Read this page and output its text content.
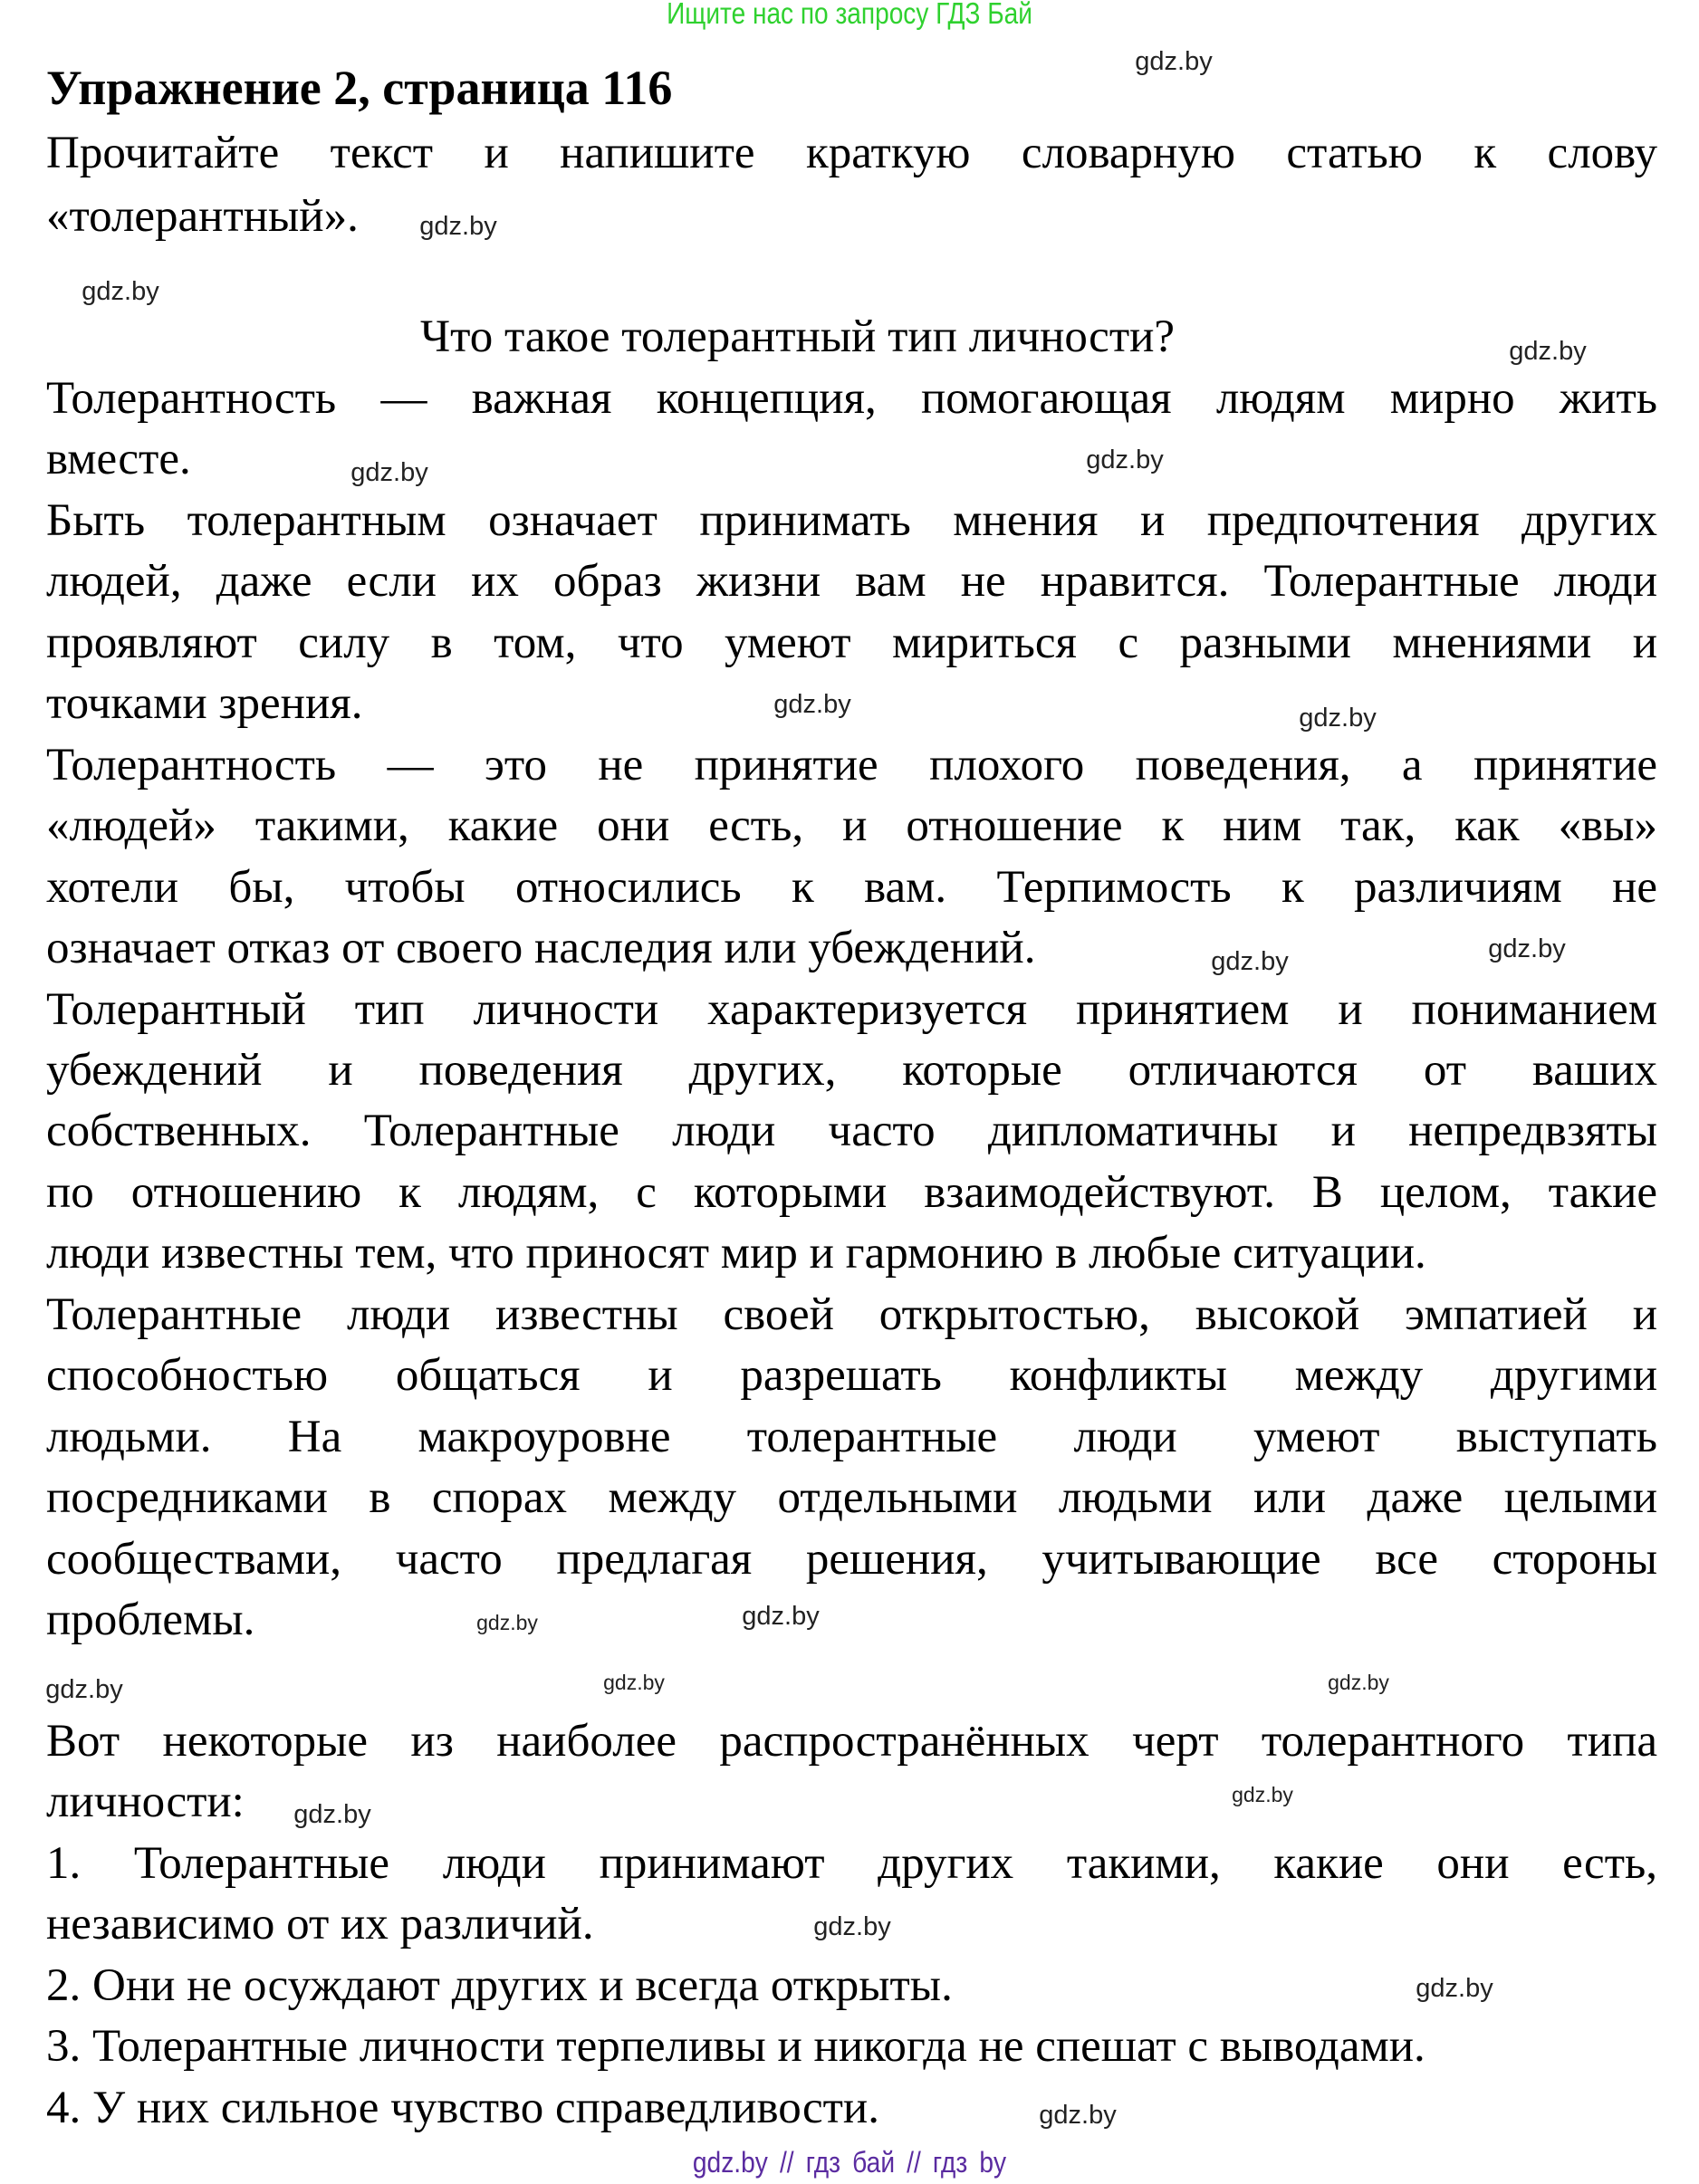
Ищите нас по запросу ГДЗ Бай
Упражнение 2, страница 116
Прочитайте текст и напишите краткую словарную статью к слову
«толерантный».
Что такое толерантный тип личности?
Толерантность — важная концепция, помогающая людям мирно жить
вместе.
Быть толерантным означает принимать мнения и предпочтения других
людей, даже если их образ жизни вам не нравится. Толерантные люди
проявляют силу в том, что умеют мириться с разными мнениями и
точками зрения.
Толерантность — это не принятие плохого поведения, а принятие
«людей» такими, какие они есть, и отношение к ним так, как «вы»
хотели бы, чтобы относились к вам. Терпимость к различиям не
означает отказ от своего наследия или убеждений.
Толерантный тип личности характеризуется принятием и пониманием
убеждений и поведения других, которые отличаются от ваших
собственных. Толерантные люди часто дипломатичны и непредвзяты
по отношению к людям, с которыми взаимодействуют. В целом, такие
люди известны тем, что приносят мир и гармонию в любые ситуации.
Толерантные люди известны своей открытостью, высокой эмпатией и
способностью общаться и разрешать конфликты между другими
людьми. На макроуровне толерантные люди умеют выступать
посредниками в спорах между отдельными людьми или даже целыми
сообществами, часто предлагая решения, учитывающие все стороны
проблемы.
Вот некоторые из наиболее распространённых черт толерантного типа
личности:
1. Толерантные люди принимают других такими, какие они есть,
независимо от их различий.
2. Они не осуждают других и всегда открыты.
3. Толерантные личности терпеливы и никогда не спешат с выводами.
4. У них сильное чувство справедливости.
gdz.by
gdz.by
gdz.by
gdz.by
gdz.by
gdz.by
gdz.by	gdz.by
gdz.by
gdz.by
gdz.by
gdz.by
gdz.by
gdz.by	gdz.by
gdz.by
gdz.by
gdz.by
gdz.by
gdz.by
gdz.by // гдз бай // гдз by
